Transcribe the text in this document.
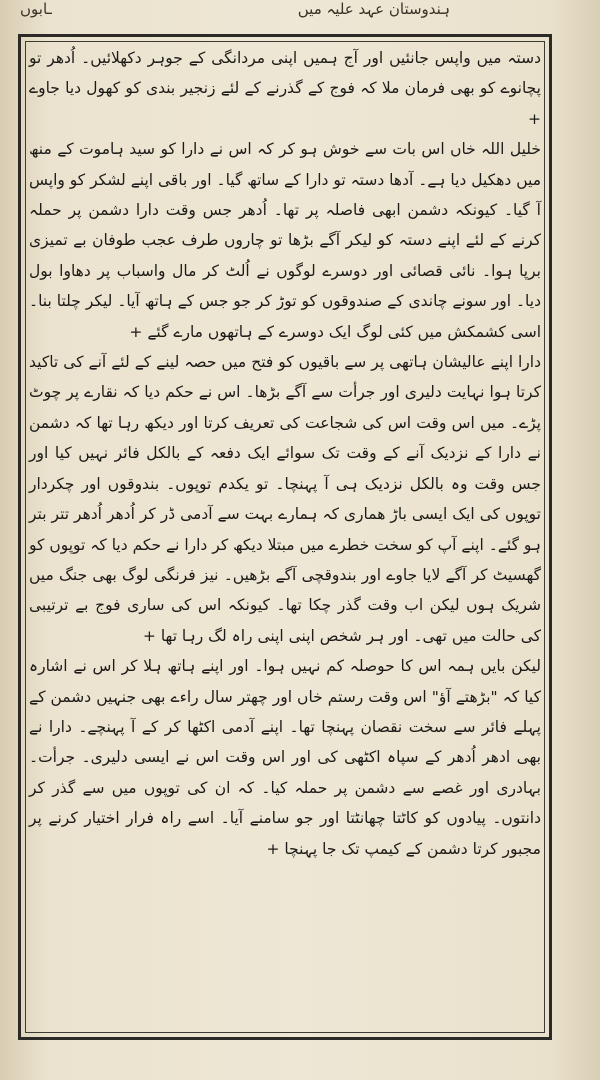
ـابوں	ہندوستان عہد علیہ میں

دستہ میں واپس جانئیں اور آج ہمیں اپنی مردانگی کے جوہر دکھلائیں۔ اُدھر تو پچانوے کو بھی فرمان ملا کہ فوج کے گذرنے کے لئے زنجیر بندی کو کھول دیا جاوے +

خلیل اللہ خاں اس بات سے خوش ہو کر کہ اس نے دارا کو سید ہاموت کے منھ میں دھکیل دیا ہے۔ آدھا دستہ تو دارا کے ساتھ گیا۔ اور باقی اپنے لشکر کو واپس آ گیا۔ کیونکہ دشمن ابھی فاصلہ پر تھا۔ اُدھر جس وقت دارا دشمن پر حملہ کرنے کے لئے اپنے دستہ کو لیکر آگے بڑھا تو چاروں طرف عجب طوفان بے تمیزی برپا ہوا۔ نائی قصائی اور دوسرے لوگوں نے اُلٹ کر مال واسباب پر دھاوا بول دیا۔ اور سونے چاندی کے صندوقوں کو توڑ کر جو جس کے ہاتھ آیا۔ لیکر چلتا بنا۔ اسی کشمکش میں کئی لوگ ایک دوسرے کے ہاتھوں مارے گئے +

دارا اپنے عالیشان ہاتھی پر سے باقیوں کو فتح میں حصہ لینے کے لئے آنے کی تاکید کرتا ہوا نہایت دلیری اور جرأت سے آگے بڑھا۔ اس نے حکم دیا کہ نقارے پر چوٹ پڑے۔ میں اس وقت اس کی شجاعت کی تعریف کرتا اور دیکھ رہا تھا کہ دشمن نے دارا کے نزدیک آنے کے وقت تک سوائے ایک دفعہ کے بالکل فائر نہیں کیا اور جس وقت وہ بالکل نزدیک ہی آ پہنچا۔ تو یکدم توپوں۔ بندوقوں اور چکردار توپوں کی ایک ایسی باڑ ھماری کہ ہمارے بہت سے آدمی ڈر کر اُدھر اُدھر تتر بتر ہو گئے۔ اپنے آپ کو سخت خطرے میں مبتلا دیکھ کر دارا نے حکم دیا کہ توپوں کو گھسیٹ کر آگے لایا جاوے اور بندوقچی آگے بڑھیں۔ نیز فرنگی لوگ بھی جنگ میں شریک ہوں لیکن اب وقت گذر چکا تھا۔ کیونکہ اس کی ساری فوج بے ترتیبی کی حالت میں تھی۔ اور ہر شخص اپنی اپنی راہ لگ رہا تھا +

لیکن بایں ہمہ اس کا حوصلہ کم نہیں ہوا۔ اور اپنے ہاتھ ہلا کر اس نے اشارہ کیا کہ "بڑھتے آؤ" اس وقت رستم خاں اور چھتر سال راءے بھی جنہیں دشمن کے پہلے فائر سے سخت نقصان پہنچا تھا۔ اپنے آدمی اکٹھا کر کے آ پہنچے۔ دارا نے بھی ادھر اُدھر کے سپاہ اکٹھی کی اور اس وقت اس نے ایسی دلیری۔ جرأت۔ بہادری اور غصے سے دشمن پر حملہ کیا۔ کہ ان کی توپوں میں سے گذر کر دانتوں۔ پیادوں کو کاٹتا چھانٹتا اور جو سامنے آیا۔ اسے راہ فرار اختیار کرنے پر مجبور کرتا دشمن کے کیمپ تک جا پہنچا +
